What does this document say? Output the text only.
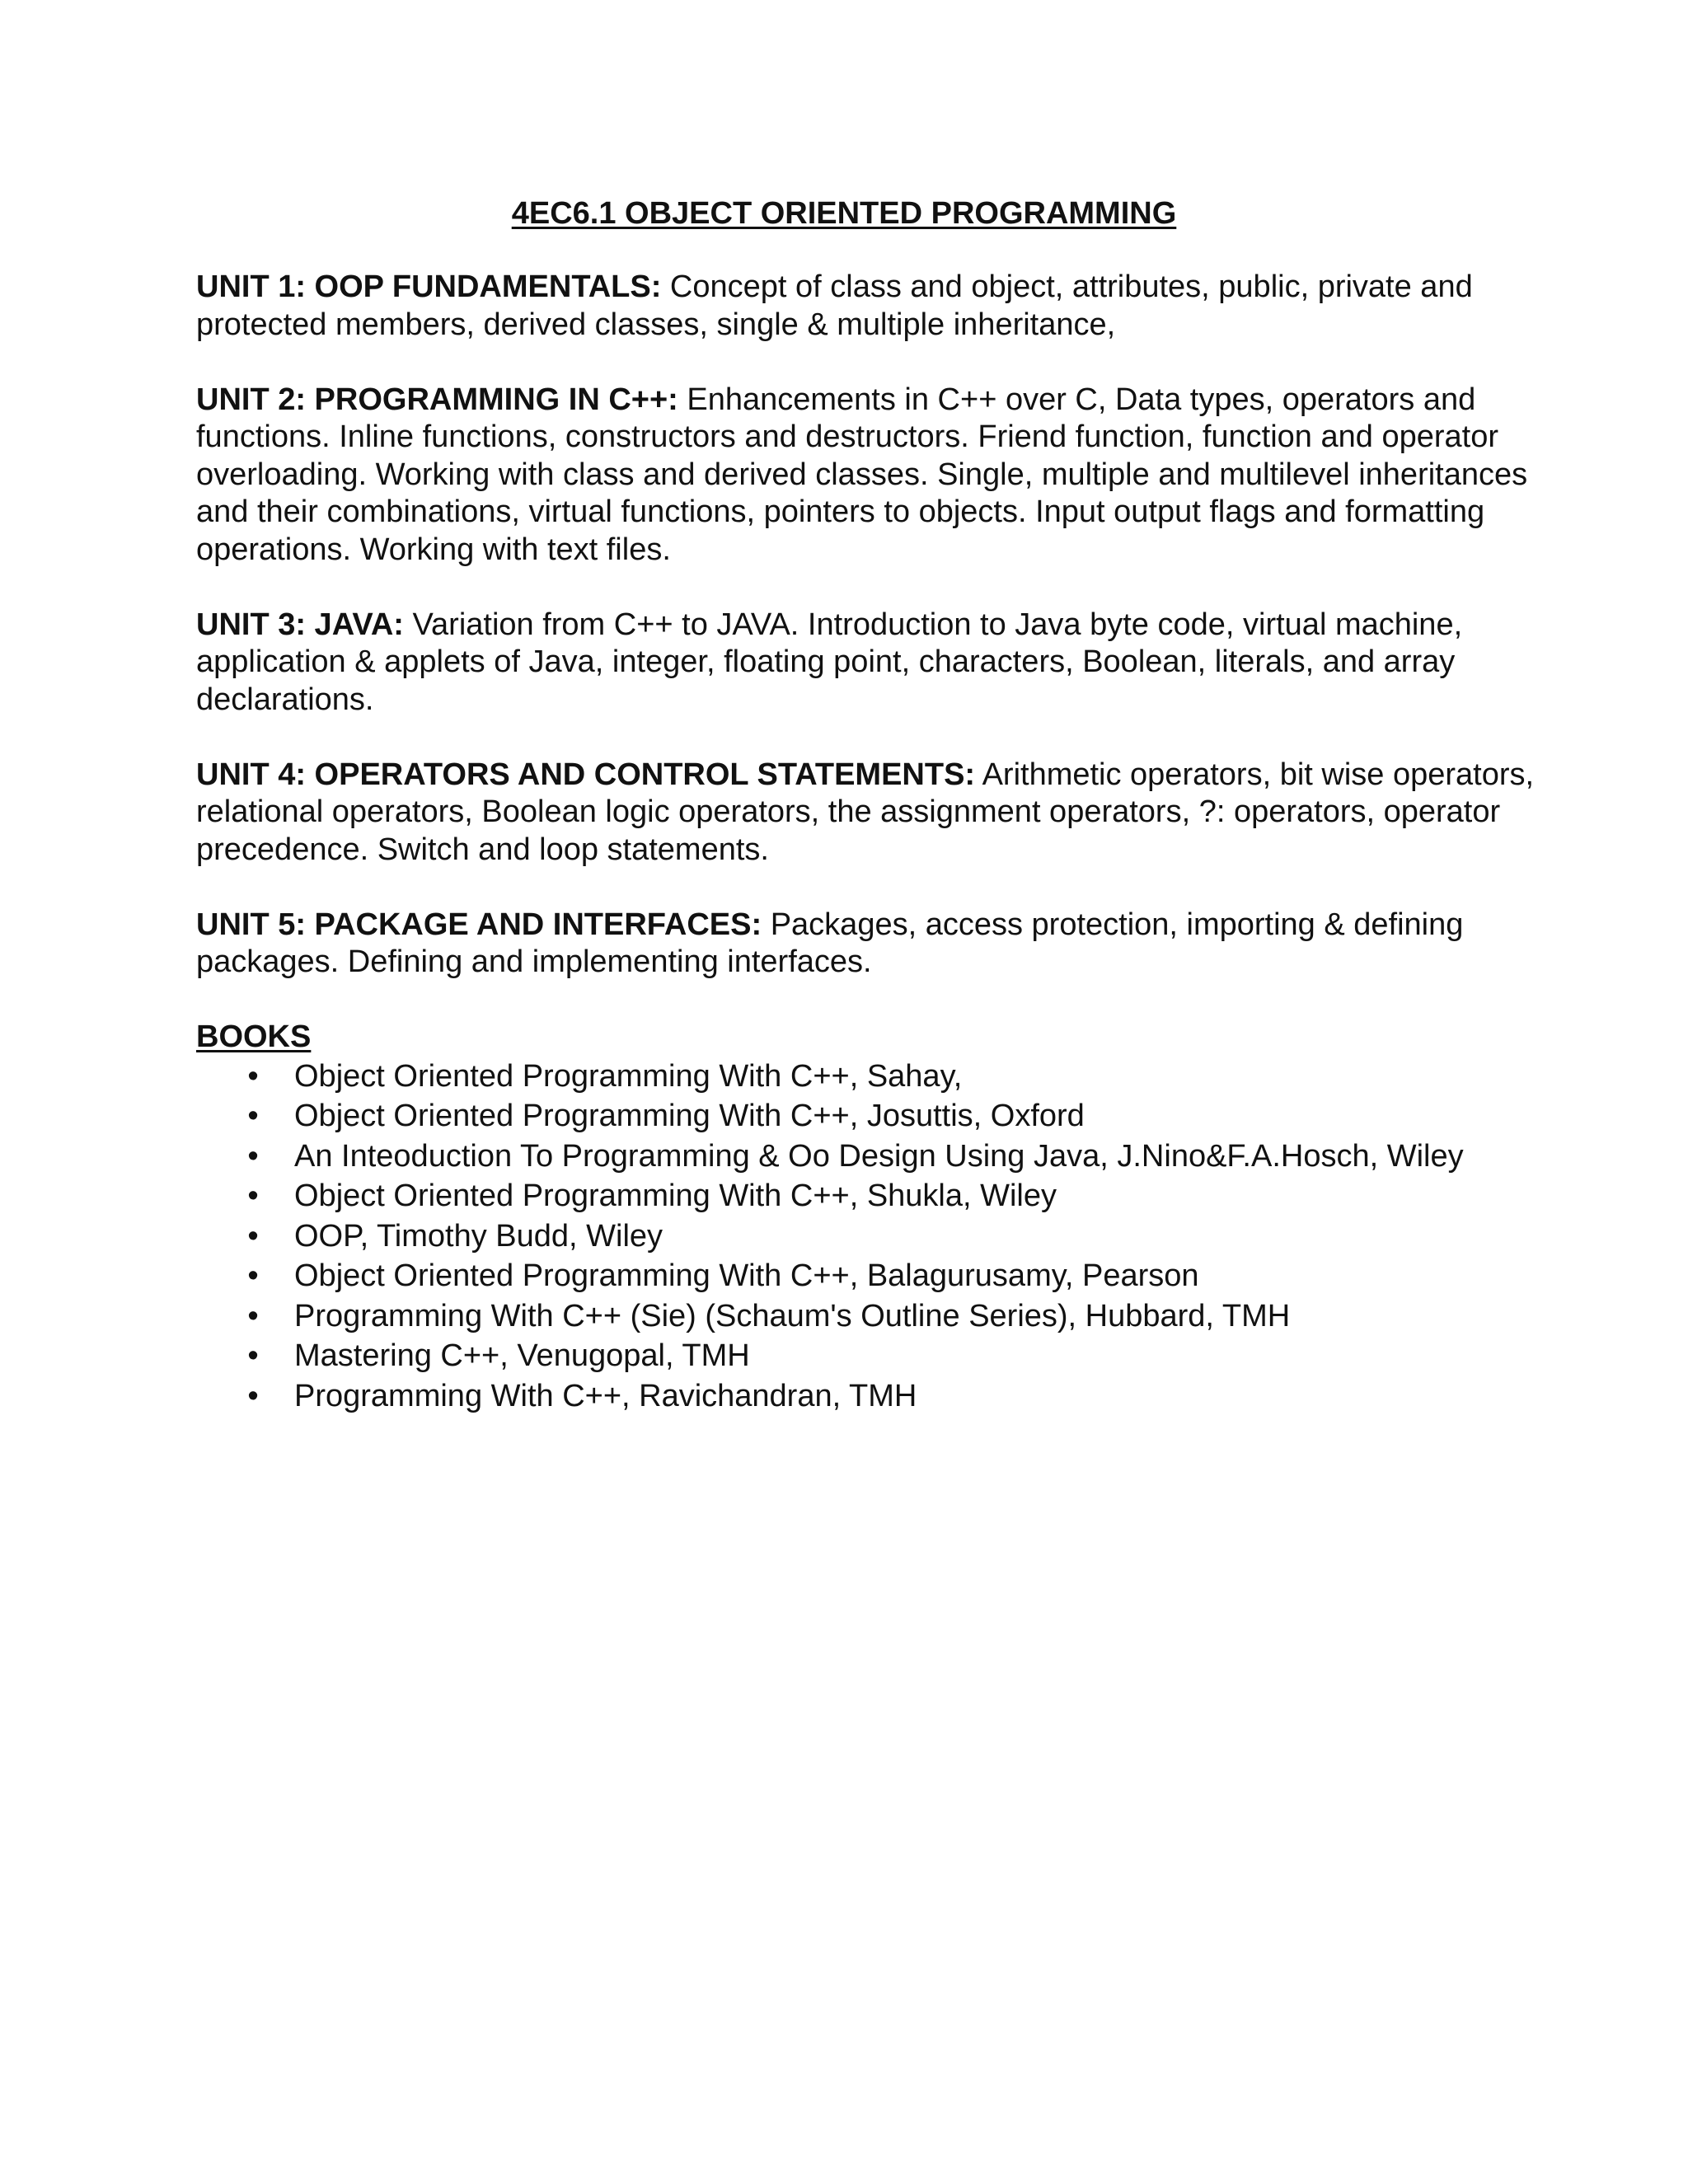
4EC6.1 OBJECT ORIENTED PROGRAMMING

UNIT 1: OOP FUNDAMENTALS: Concept of class and object, attributes, public, private and protected members, derived classes, single & multiple inheritance,

UNIT 2: PROGRAMMING IN C++: Enhancements in C++ over C, Data types, operators and functions. Inline functions, constructors and destructors. Friend function, function and operator overloading. Working with class and derived classes. Single, multiple and multilevel inheritances and their combinations, virtual functions, pointers to objects. Input output flags and formatting operations. Working with text files.

UNIT 3: JAVA: Variation from C++ to JAVA. Introduction to Java byte code, virtual machine, application & applets of Java, integer, floating point, characters, Boolean, literals, and array declarations.

UNIT 4: OPERATORS AND CONTROL STATEMENTS: Arithmetic operators, bit wise operators, relational operators, Boolean logic operators, the assignment operators, ?: operators, operator precedence. Switch and loop statements.

UNIT 5: PACKAGE AND INTERFACES: Packages, access protection, importing & defining packages. Defining and implementing interfaces.

BOOKS
• Object Oriented Programming With C++, Sahay,
• Object Oriented Programming With C++, Josuttis, Oxford
• An Inteoduction To Programming & Oo Design Using Java, J.Nino&F.A.Hosch, Wiley
• Object Oriented Programming With C++, Shukla, Wiley
• OOP, Timothy Budd, Wiley
• Object Oriented Programming With C++, Balagurusamy, Pearson
• Programming With C++ (Sie) (Schaum's Outline Series), Hubbard, TMH
• Mastering C++, Venugopal, TMH
• Programming With C++, Ravichandran, TMH
